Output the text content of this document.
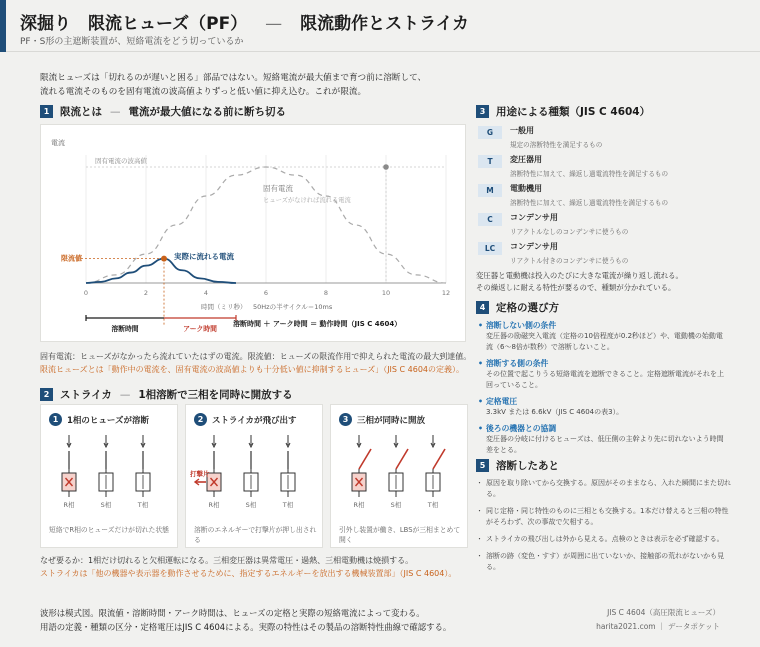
深掘り　限流ヒューズ（PF） — 限流動作とストライカ
PF・S形の主遮断装置が、短絡電流をどう切っているか
限流ヒューズは「切れるのが遅いと困る」部品ではない。短絡電流が最大値まで育つ前に溶断して、
流れる電流そのものを固有電流の波高値よりずっと低い値に抑え込む。これが限流。
1	限流とは — 電流が最大値になる前に断ち切る
電流
0	2	4	6	8	10	12
時間（ミリ秒） 50Hzの半サイクル＝10ms
固有電流の波高値
固有電流
ヒューズがなければ流れる電流
実際に流れる電流
限流値
溶断時間	アーク時間
溶断時間 ＋ アーク時間 ＝ 動作時間（JIS C 4604）
固有電流：ヒューズがなかったら流れていたはずの電流。限流値：ヒューズの限流作用で抑えられた電流の最大到達値。
限流ヒューズとは「動作中の電流を、固有電流の波高値よりも十分低い値に抑制するヒューズ」（JIS C 4604の定義）。
2	ストライカ — 1相溶断で三相を同時に開放する
1	1相のヒューズが溶断
短絡でR相のヒューズだけが切れた状態
R相	S相	T相
2	ストライカが飛び出す
溶断のエネルギーで打撃片が押し出される
R相	S相	T相
打撃片
3	三相が同時に開放
引外し装置が働き、LBSが三相まとめて開く
R相	S相	T相
なぜ要るか：1相だけ切れると欠相運転になる。三相変圧器は異常電圧・過熱、三相電動機は焼損する。
ストライカは「他の機器や表示器を動作させるために、指定するエネルギーを放出する機械装置部」（JIS C 4604）。
波形は模式図。限流値・溶断時間・アーク時間は、ヒューズの定格と実際の短絡電流によって変わる。
用語の定義・種類の区分・定格電圧はJIS C 4604による。実際の特性はその製品の溶断特性曲線で確認する。
JIS C 4604（高圧限流ヒューズ）
harita2021.com ｜ データポケット
3	用途による種類（JIS C 4604）
G	一般用
規定の溶断特性を満足するもの
T	変圧器用
溶断特性に加えて、繰返し過電流特性を満足するもの
M	電動機用
溶断特性に加えて、繰返し過電流特性を満足するもの
C	コンデンサ用
リアクトルなしのコンデンサに使うもの
LC	コンデンサ用
リアクトル付きのコンデンサに使うもの
変圧器と電動機は投入のたびに大きな電流が繰り返し流れる。
その繰返しに耐える特性が要るので、種類が分かれている。
4	定格の選び方
• 溶断しない側の条件
変圧器の励磁突入電流（定格の10倍程度が0.2秒ほど）や、電動機の始動電流（6〜8倍が数秒）で溶断しないこと。
• 溶断する側の条件
その位置で起こりうる短絡電流を遮断できること。定格遮断電流がそれを上回っていること。
• 定格電圧
3.3kV または 6.6kV（JIS C 4604の表3）。
• 後ろの機器との協調
変圧器の分岐に付けるヒューズは、低圧側の主幹より先に切れないよう時間差をとる。
5	溶断したあと
・ 原因を取り除いてから交換する。原因がそのままなら、入れた瞬間にまた切れる。
・ 同じ定格・同じ特性のものに三相とも交換する。1本だけ替えると三相の特性がそろわず、次の事故で欠相する。
・ ストライカの飛び出しは外から見える。点検のときは表示を必ず確認する。
・ 溶断の跡（変色・すす）が周囲に出ていないか、接触部の荒れがないかも見る。
